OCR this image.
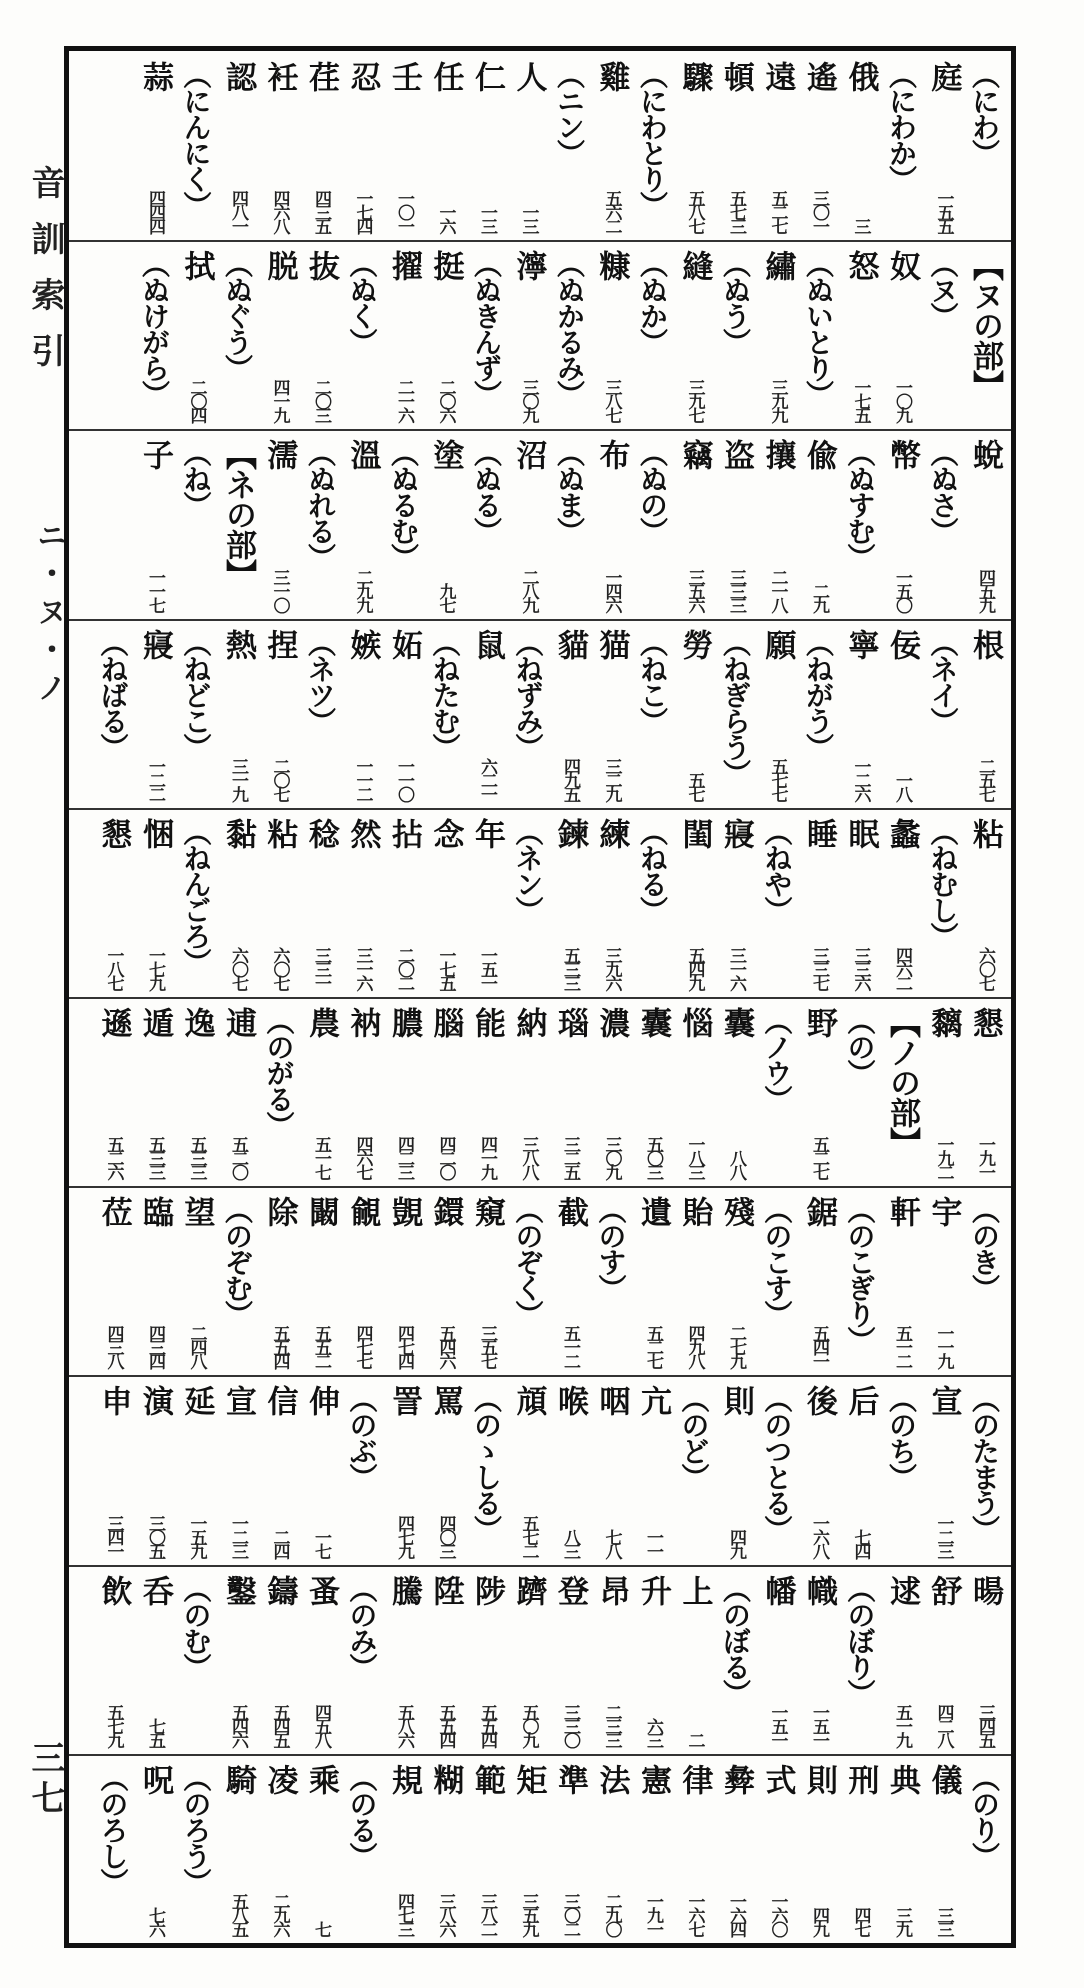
音訓索引
ニ・ヌ・ノ
三七
︵にわ︶
庭
一五五
︵にわか︶
俄
三
遙
三〇一
遠
五二七
頓
五七三
驟
五八七
︵にわとり︶
雞
五六二
︵ニン︶
人
一三
仁
一三
任
一六
壬
一〇一
忍
一七四
荏
四三五
衽
四六八
認
四八一
︵にんにく︶
蒜
四四四
︻ヌの部︼
︵ヌ︶
奴
一〇九
怒
一七五
︵ぬいとり︶
繡
三九九
︵ぬう︶
縫
三九七
︵ぬか︶
糠
三八七
︵ぬかるみ︶
濘
三〇九
︵ぬきんず︶
挺
二〇六
擢
二一六
︵ぬく︶
抜
二〇三
脱
四一九
︵ぬぐう︶
拭
二〇四
︵ぬけがら︶
蛻
四五九
︵ぬさ︶
幣
一五〇
︵ぬすむ︶
偸
二九
攘
二一八
盗
三三三
竊
三五六
︵ぬの︶
布
一四六
︵ぬま︶
沼
二八九
︵ぬる︶
塗
九七
︵ぬるむ︶
溫
二九九
︵ぬれる︶
濡
三一〇
︻ネの部︼
︵ね︶
子
一一七
根
二五七
︵ネイ︶
佞
一八
寧
一二六
︵ねがう︶
願
五七七
︵ねぎらう︶
勞
五七
︵ねこ︶
猫
三二九
貓
四九五
︵ねずみ︶
鼠
六二一
︵ねたむ︶
妬
一一〇
嫉
一一二
︵ネツ︶
捏
二〇七
熱
三一九
︵ねどこ︶
寢
一二二
︵ねばる︶
粘
六〇七
︵ねむし︶
蠡
四六二
眠
三三六
睡
三三七
︵ねや︶
寢
三一六
閨
五四九
︵ねる︶
練
三九六
鍊
五三三
︵ネン︶
年
一五一
念
一七五
拈
二〇二
然
三一六
稔
三三一
粘
六〇七
黏
六〇七
︵ねんごろ︶
悃
一七九
懇
一八七
懇
一九一
黐
一九二
︻ノの部︼
︵の︶
野
五二七
︵ノウ︶
囊
八八
惱
一八三
囊
五〇三
濃
三〇九
瑙
三二五
納
三八八
能
四一九
腦
四二〇
膿
四二三
衲
四六七
農
五一七
︵のがる︶
逋
五二〇
逸
五三三
遁
五三三
遜
五二六
︵のき︶
宇
一一九
軒
五一二
︵のこぎり︶
鋸
五四一
︵のこす︶
殘
二七九
貽
四九八
遺
五二七
︵のす︶
截
五一二
︵のぞく︶
窺
三五七
鐶
五四六
覬
四七四
覦
四七七
闞
五五二
除
五五四
︵のぞむ︶
望
二四八
臨
四三四
莅
四三八
︵のたまう︶
宣
一二三
︵のち︶
后
七四
後
一六八
︵のつとる︶
則
四九
︵のど︶
亢
一一
咽
七八
喉
八三
頏
五七二
︵のゝしる︶
罵
四〇三
詈
四七九
︵のぶ︶
伸
一七
信
二四
宣
一二三
延
一五九
演
三〇五
申
三四一
暘
三四五
舒
四二八
逑
五一九
︵のぼり︶
幟
一五一
幡
一五一
︵のぼる︶
上
二
升
六三
昂
二三三
登
三三〇
躋
五〇九
陟
五五四
陞
五五四
騰
五八六
︵のみ︶
蚤
四五八
鑄
五四五
鑿
五四六
︵のむ︶
呑
七五
飲
五七九
︵のり︶
儀
三三
典
三九
刑
四七
則
四九
式
一六〇
彜
一六四
律
一六七
憲
一九一
法
二九〇
準
三〇二
矩
三五九
範
三八二
糊
三八六
規
四七三
︵のる︶
乘
七
凌
二九六
騎
五八五
︵のろう︶
呪
七六
︵のろし︶
